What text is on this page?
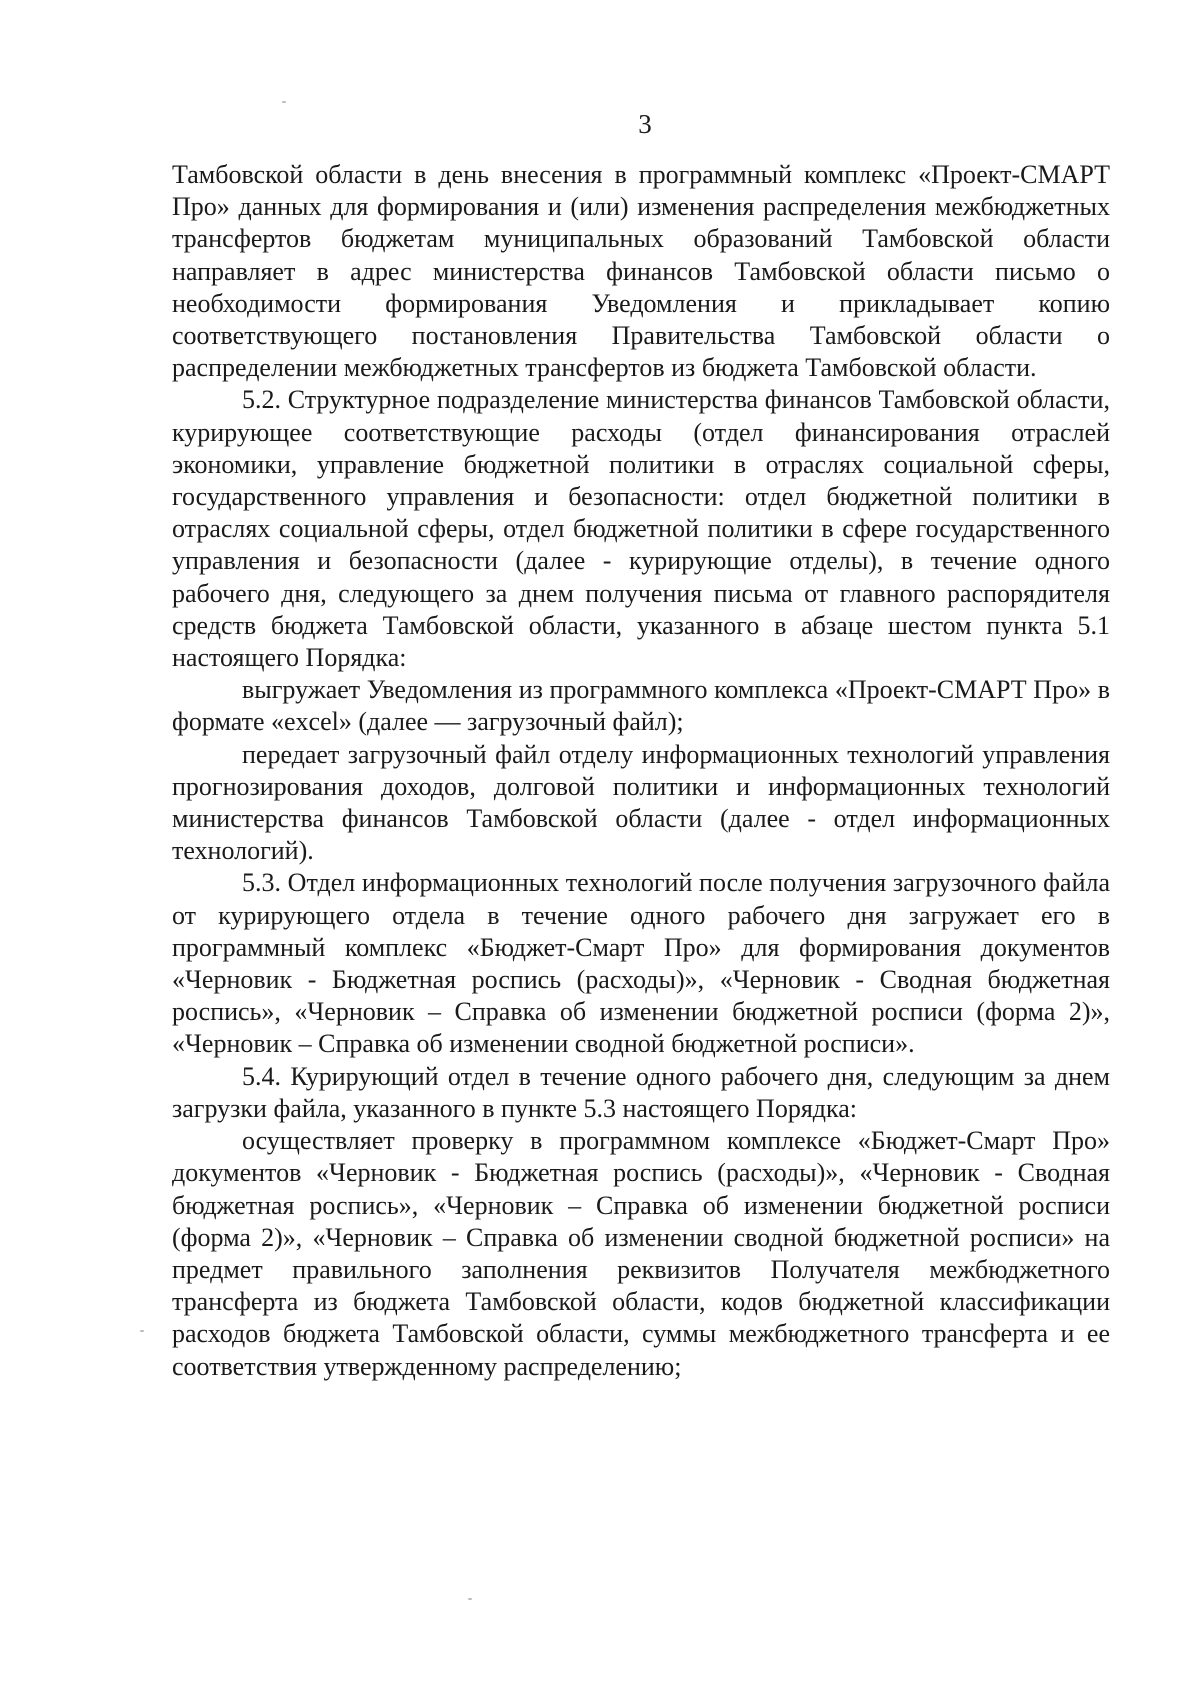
3

Тамбовской области в день внесения в программный комплекс «Проект-СМАРТ Про» данных для формирования и (или) изменения распределения межбюджетных трансфертов бюджетам муниципальных образований Тамбовской области направляет в адрес министерства финансов Тамбовской области письмо о необходимости формирования Уведомления и прикладывает копию соответствующего постановления Правительства Тамбовской области о распределении межбюджетных трансфертов из бюджета Тамбовской области.

5.2. Структурное подразделение министерства финансов Тамбовской области, курирующее соответствующие расходы (отдел финансирования отраслей экономики, управление бюджетной политики в отраслях социальной сферы, государственного управления и безопасности: отдел бюджетной политики в отраслях социальной сферы, отдел бюджетной политики в сфере государственного управления и безопасности (далее - курирующие отделы), в течение одного рабочего дня, следующего за днем получения письма от главного распорядителя средств бюджета Тамбовской области, указанного в абзаце шестом пункта 5.1 настоящего Порядка:

выгружает Уведомления из программного комплекса «Проект-СМАРТ Про» в формате «excel» (далее — загрузочный файл);

передает загрузочный файл отделу информационных технологий управления прогнозирования доходов, долговой политики и информационных технологий министерства финансов Тамбовской области (далее - отдел информационных технологий).

5.3. Отдел информационных технологий после получения загрузочного файла от курирующего отдела в течение одного рабочего дня загружает его в программный комплекс «Бюджет-Смарт Про» для формирования документов «Черновик - Бюджетная роспись (расходы)», «Черновик - Сводная бюджетная роспись», «Черновик – Справка об изменении бюджетной росписи (форма 2)», «Черновик – Справка об изменении сводной бюджетной росписи».

5.4. Курирующий отдел в течение одного рабочего дня, следующим за днем загрузки файла, указанного в пункте 5.3 настоящего Порядка:

осуществляет проверку в программном комплексе «Бюджет-Смарт Про» документов «Черновик - Бюджетная роспись (расходы)», «Черновик - Сводная бюджетная роспись», «Черновик – Справка об изменении бюджетной росписи (форма 2)», «Черновик – Справка об изменении сводной бюджетной росписи» на предмет правильного заполнения реквизитов Получателя межбюджетного трансферта из бюджета Тамбовской области, кодов бюджетной классификации расходов бюджета Тамбовской области, суммы межбюджетного трансферта и ее соответствия утвержденному распределению;
